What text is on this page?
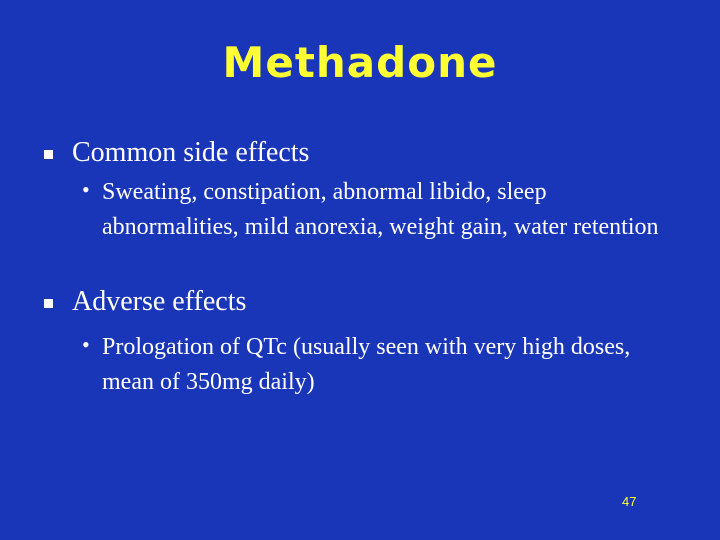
Methadone
Common side effects
• Sweating, constipation, abnormal libido, sleep abnormalities, mild anorexia, weight gain, water retention
Adverse effects
• Prologation of QTc (usually seen with very high doses, mean of 350mg daily)
47
